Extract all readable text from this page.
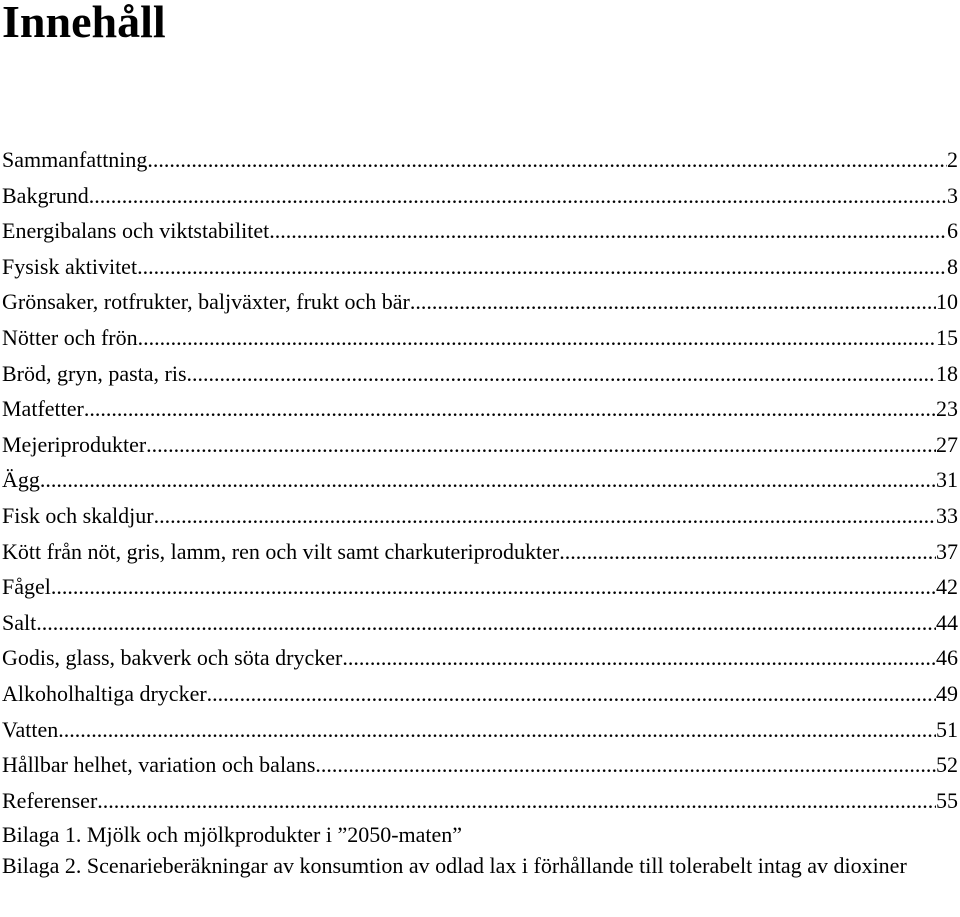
Innehåll
Sammanfattning .....	2
Bakgrund .....	3
Energibalans och viktstabilitet .....	6
Fysisk aktivitet .....	8
Grönsaker, rotfrukter, baljväxter, frukt och bär .....	10
Nötter och frön .....	15
Bröd, gryn, pasta, ris .....	18
Matfetter .....	23
Mejeriprodukter .....	27
Ägg .....	31
Fisk och skaldjur .....	33
Kött från nöt, gris, lamm, ren och vilt samt charkuteriprodukter .....	37
Fågel .....	42
Salt .....	44
Godis, glass, bakverk och söta drycker .....	46
Alkoholhaltiga drycker .....	49
Vatten .....	51
Hållbar helhet, variation och balans .....	52
Referenser .....	55
Bilaga 1. Mjölk och mjölkprodukter i ”2050-maten”
Bilaga 2. Scenarieberäkningar av konsumtion av odlad lax i förhållande till tolerabelt intag av dioxiner
